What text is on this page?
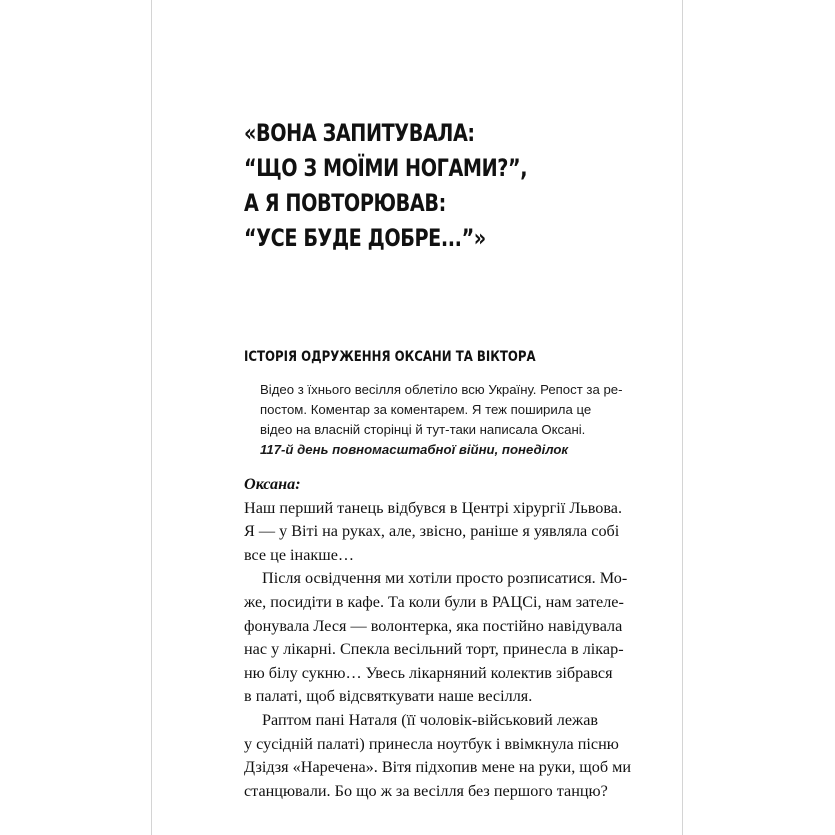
«ВОНА ЗАПИТУВАЛА:
“ЩО З МОЇМИ НОГАМИ?”,
А Я ПОВТОРЮВАВ:
“УСЕ БУДЕ ДОБРЕ...”»
ІСТОРІЯ ОДРУЖЕННЯ ОКСАНИ ТА ВІКТОРА
Відео з їхнього весілля облетіло всю Україну. Репост за ре-
постом. Коментар за коментарем. Я теж поширила це
відео на власній сторінці й тут-таки написала Оксані.
117-й день повномасштабної війни, понеділок
Оксана:
Наш перший танець відбувся в Центрі хірургії Львова.
Я — у Віті на руках, але, звісно, раніше я уявляла собі
все це інакше…
Після освідчення ми хотіли просто розписатися. Мо-
же, посидіти в кафе. Та коли були в РАЦСі, нам зателе-
фонувала Леся — волонтерка, яка постійно навідувала
нас у лікарні. Спекла весільний торт, принесла в лікар-
ню білу сукню… Увесь лікарняний колектив зібрався
в палаті, щоб відсвяткувати наше весілля.
Раптом пані Наталя (її чоловік-військовий лежав
у сусідній палаті) принесла ноутбук і ввімкнула пісню
Дзідзя «Наречена». Вітя підхопив мене на руки, щоб ми
станцювали. Бо що ж за весілля без першого танцю?
